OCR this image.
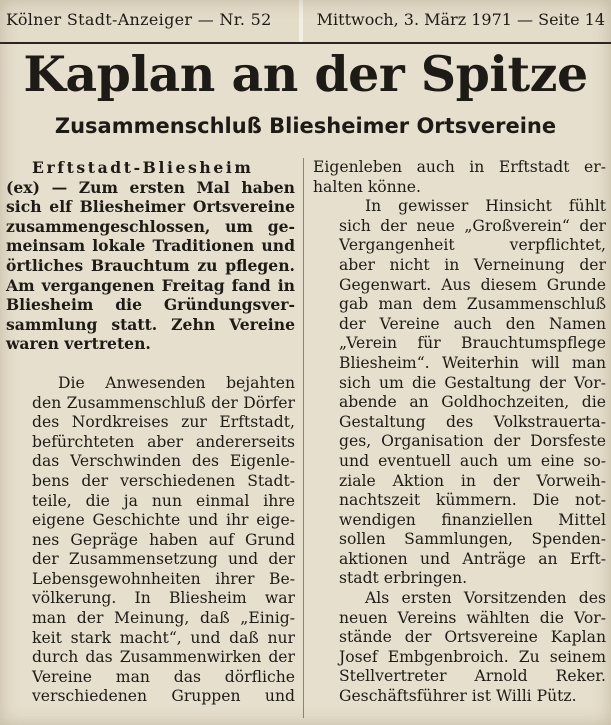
Kölner Stadt-Anzeiger — Nr. 52	Mittwoch, 3. März 1971 — Seite 14
Kaplan an der Spitze
Zusammenschluß Bliesheimer Ortsvereine

Erftstadt-Bliesheim
(ex) — Zum ersten Mal haben
sich elf Bliesheimer Ortsvereine
zusammengeschlossen, um ge-
meinsam lokale Traditionen und
örtliches Brauchtum zu pflegen.
Am vergangenen Freitag fand in
Bliesheim die Gründungsver-
sammlung statt. Zehn Vereine
waren vertreten.

Die Anwesenden bejahten
den Zusammenschluß der Dörfer
des Nordkreises zur Erftstadt,
befürchteten aber andererseits
das Verschwinden des Eigenle-
bens der verschiedenen Stadt-
teile, die ja nun einmal ihre
eigene Geschichte und ihr eige-
nes Gepräge haben auf Grund
der Zusammensetzung und der
Lebensgewohnheiten ihrer Be-
völkerung. In Bliesheim war
man der Meinung, daß „Einig-
keit stark macht“, und daß nur
durch das Zusammenwirken der
Vereine man das dörfliche
verschiedenen Gruppen und

Eigenleben auch in Erftstadt er-
halten könne.

In gewisser Hinsicht fühlt
sich der neue „Großverein“ der
Vergangenheit verpflichtet,
aber nicht in Verneinung der
Gegenwart. Aus diesem Grunde
gab man dem Zusammenschluß
der Vereine auch den Namen
„Verein für Brauchtumspflege
Bliesheim“. Weiterhin will man
sich um die Gestaltung der Vor-
abende an Goldhochzeiten, die
Gestaltung des Volkstrauerta-
ges, Organisation der Dorsfeste
und eventuell auch um eine so-
ziale Aktion in der Vorweih-
nachtszeit kümmern. Die not-
wendigen finanziellen Mittel
sollen Sammlungen, Spenden-
aktionen und Anträge an Erft-
stadt erbringen.

Als ersten Vorsitzenden des
neuen Vereins wählten die Vor-
stände der Ortsvereine Kaplan
Josef Embgenbroich. Zu seinem
Stellvertreter Arnold Reker.
Geschäftsführer ist Willi Pütz.
